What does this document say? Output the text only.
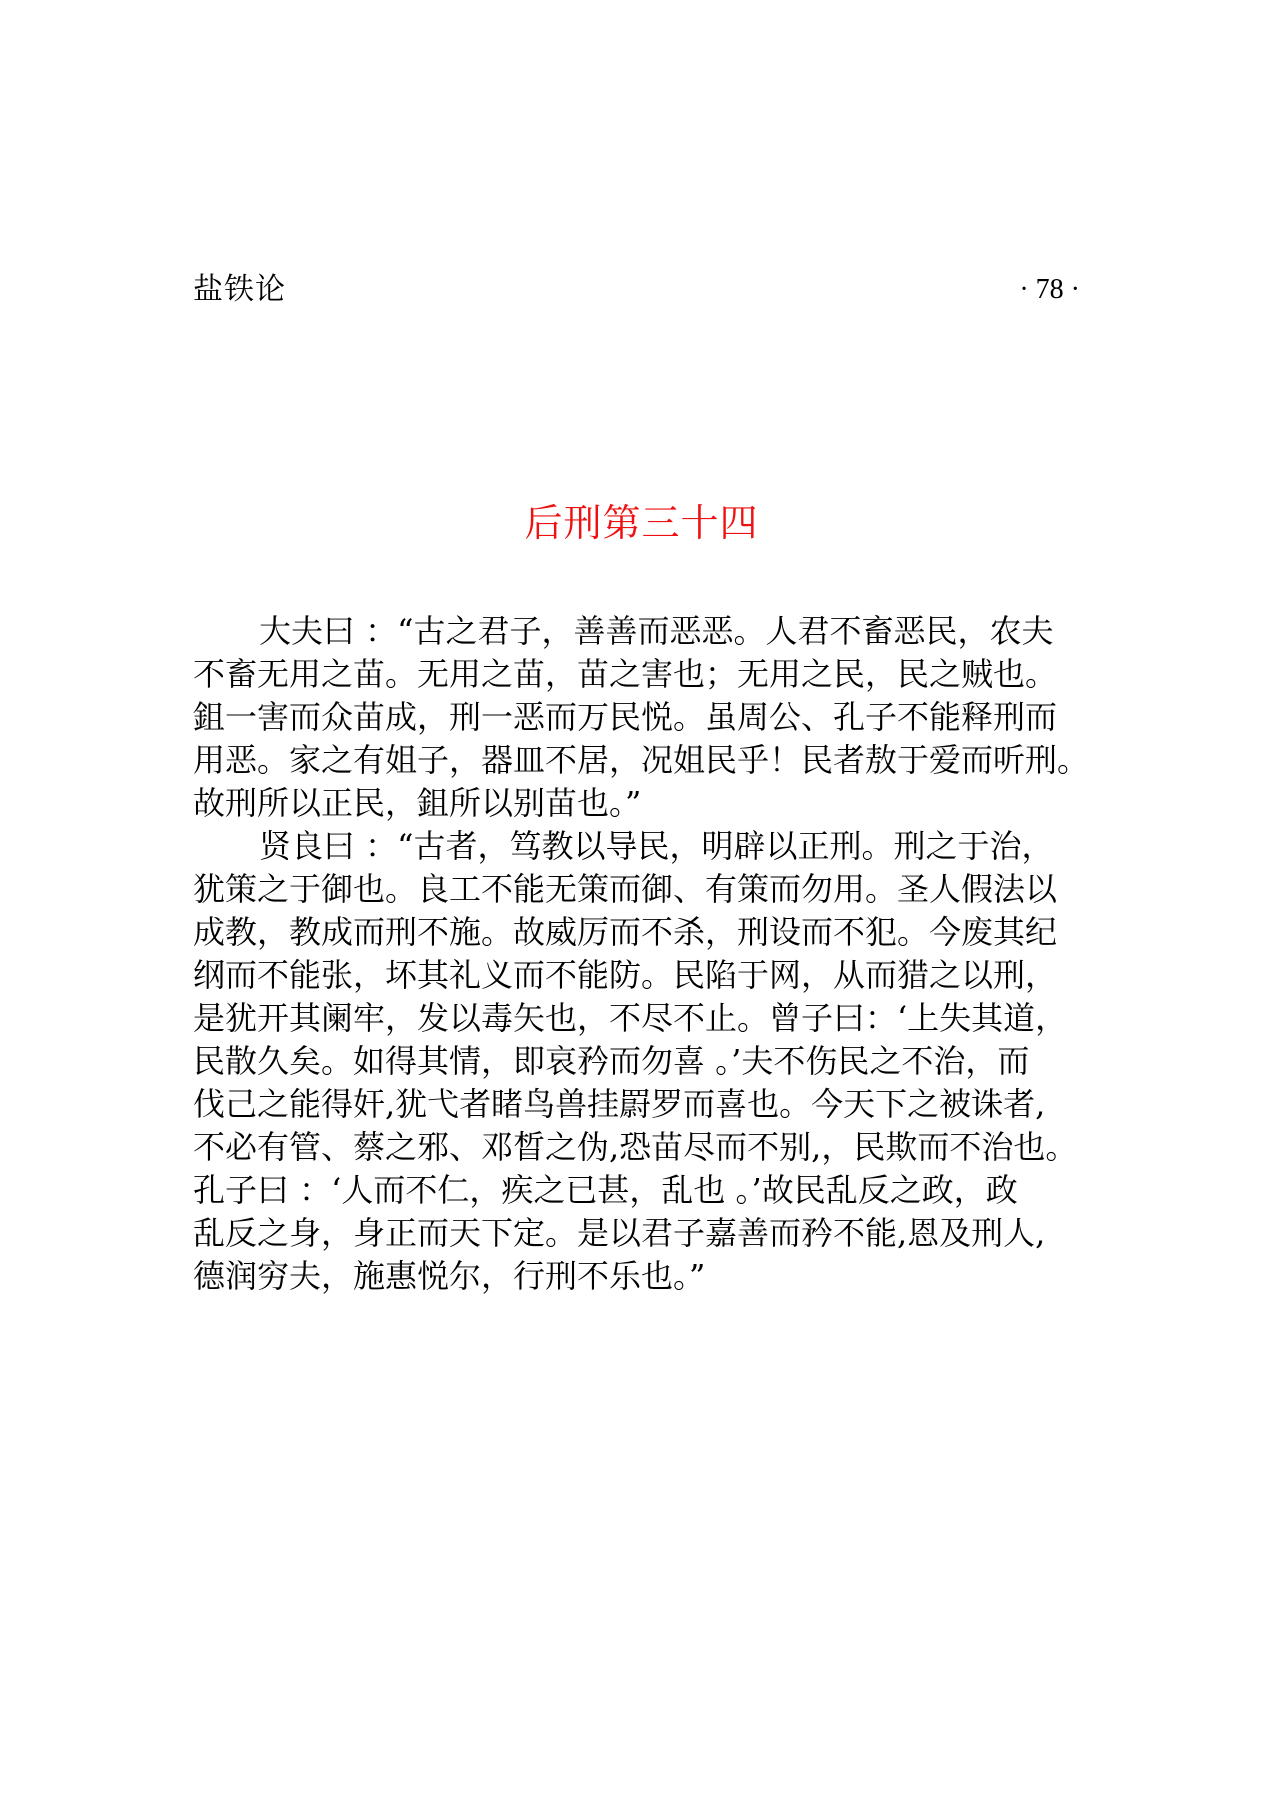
盐铁论	· 78 ·
后刑第三十四
大夫曰 ：“古之君子，善善而恶恶。人君不畜恶民，农夫
不畜无用之苗。无用之苗，苗之害也；无用之民，民之贼也。
鉏一害而众苗成，刑一恶而万民悦。虽周公、孔子不能释刑而
用恶。家之有姐子，器皿不居，况姐民乎！民者敖于爱而听刑。
故刑所以正民，鉏所以别苗也。”
贤良曰 ：“古者，笃教以导民，明辟以正刑。刑之于治，
犹策之于御也。良工不能无策而御、有策而勿用。圣人假法以
成教，教成而刑不施。故威厉而不杀，刑设而不犯。今废其纪
纲而不能张，坏其礼义而不能防。民陷于网，从而猎之以刑，
是犹开其阑牢，发以毒矢也，不尽不止。曾子曰：‘上失其道，
民散久矣。如得其情，即哀矜而勿喜 。’夫不伤民之不治，而
伐己之能得奸,犹弋者睹鸟兽挂罻罗而喜也。今天下之被诛者,
不必有管、蔡之邪、邓晳之伪,恐苗尽而不别,，民欺而不治也。
孔子曰 ：‘人而不仁，疾之已甚，乱也 。’故民乱反之政，政
乱反之身，身正而天下定。是以君子嘉善而矜不能,恩及刑人,
德润穷夫，施惠悦尔，行刑不乐也。”
